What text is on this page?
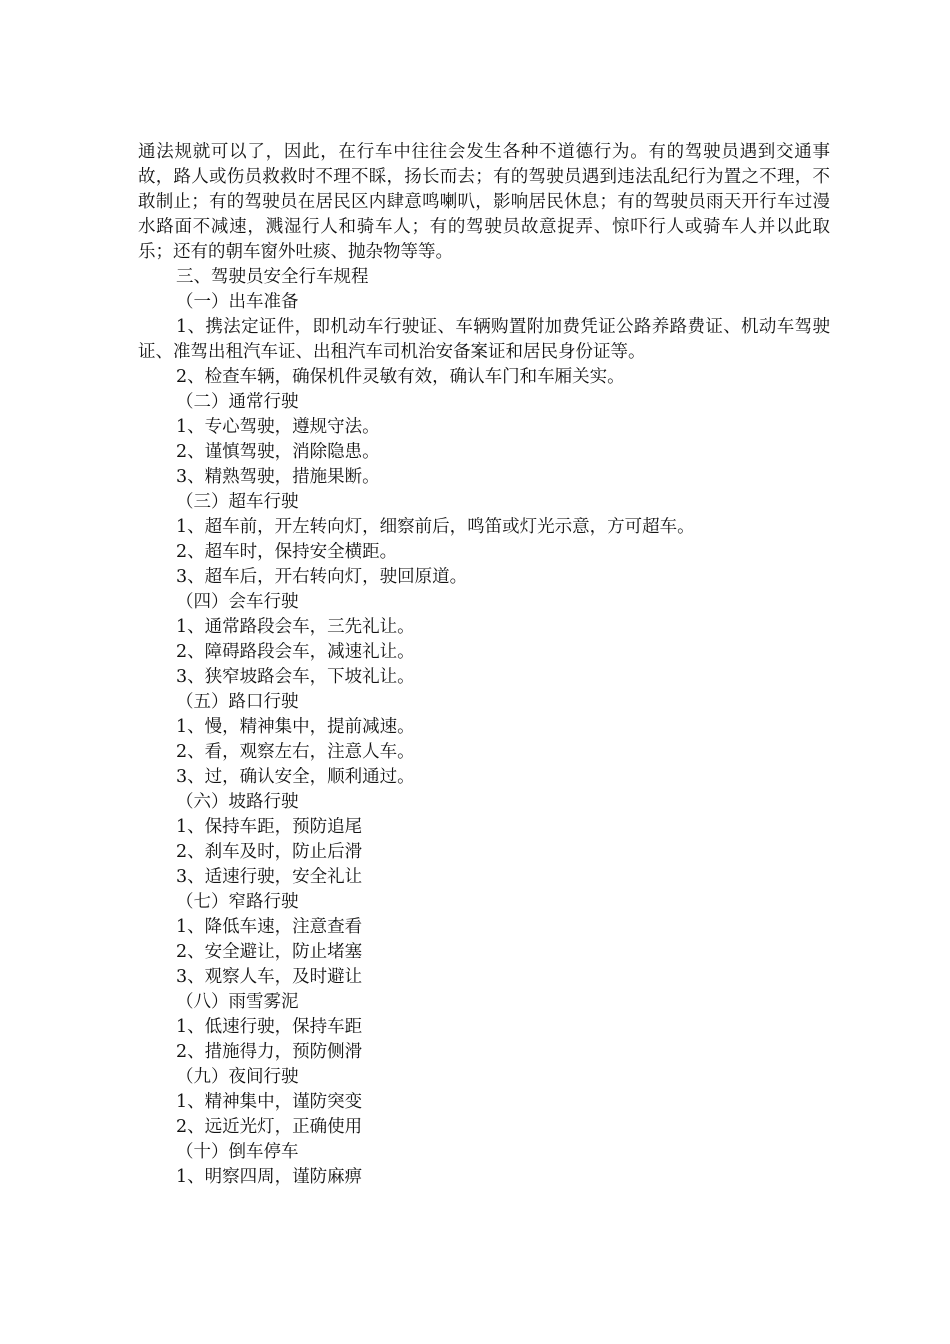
通法规就可以了，因此，在行车中往往会发生各种不道德行为。有的驾驶员遇到交通事故，路人或伤员救救时不理不睬，扬长而去；有的驾驶员遇到违法乱纪行为置之不理，不敢制止；有的驾驶员在居民区内肆意鸣喇叭，影响居民休息；有的驾驶员雨天开行车过漫水路面不减速，溅湿行人和骑车人；有的驾驶员故意捉弄、惊吓行人或骑车人并以此取乐；还有的朝车窗外吐痰、抛杂物等等。

三、驾驶员安全行车规程

（一）出车准备

1、携法定证件，即机动车行驶证、车辆购置附加费凭证公路养路费证、机动车驾驶证、准驾出租汽车证、出租汽车司机治安备案证和居民身份证等。

2、检查车辆，确保机件灵敏有效，确认车门和车厢关实。

（二）通常行驶

1、专心驾驶，遵规守法。

2、谨慎驾驶，消除隐患。

3、精熟驾驶，措施果断。

（三）超车行驶

1、超车前，开左转向灯，细察前后，鸣笛或灯光示意，方可超车。

2、超车时，保持安全横距。

3、超车后，开右转向灯，驶回原道。

（四）会车行驶

1、通常路段会车，三先礼让。

2、障碍路段会车，减速礼让。

3、狭窄坡路会车，下坡礼让。

（五）路口行驶

1、慢，精神集中，提前减速。

2、看，观察左右，注意人车。

3、过，确认安全，顺利通过。

（六）坡路行驶

1、保持车距，预防追尾

2、刹车及时，防止后滑

3、适速行驶，安全礼让

（七）窄路行驶

1、降低车速，注意查看

2、安全避让，防止堵塞

3、观察人车，及时避让

（八）雨雪雾泥

1、低速行驶，保持车距

2、措施得力，预防侧滑

（九）夜间行驶

1、精神集中，谨防突变

2、远近光灯，正确使用

（十）倒车停车

1、明察四周，谨防麻痹
